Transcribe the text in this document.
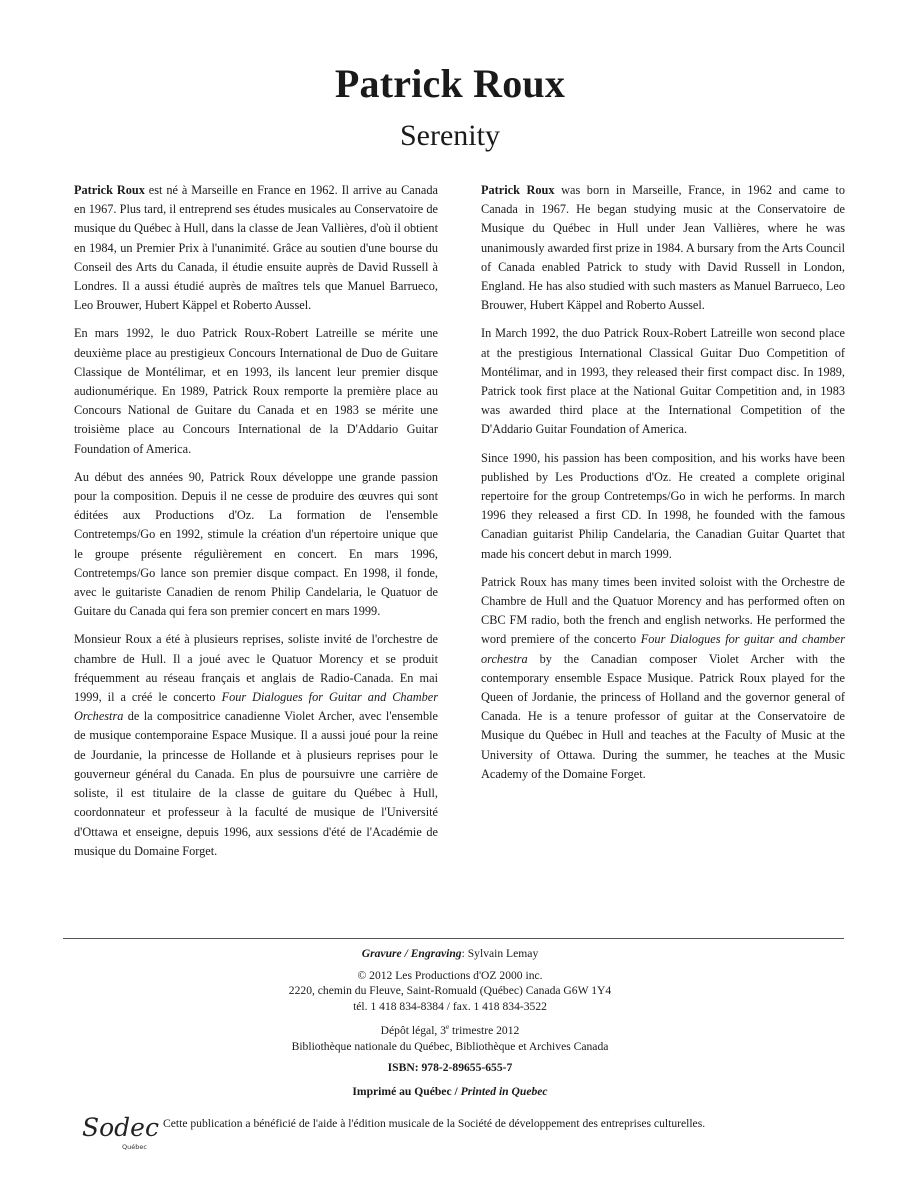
Patrick Roux
Serenity

Patrick Roux est né à Marseille en France en 1962. Il arrive au Canada en 1967. Plus tard, il entreprend ses études musicales au Conservatoire de musique du Québec à Hull, dans la classe de Jean Vallières, d'où il obtient en 1984, un Premier Prix à l'unanimité. Grâce au soutien d'une bourse du Conseil des Arts du Canada, il étudie ensuite auprès de David Russell à Londres. Il a aussi étudié auprès de maîtres tels que Manuel Barrueco, Leo Brouwer, Hubert Käppel et Roberto Aussel.

En mars 1992, le duo Patrick Roux-Robert Latreille se mérite une deuxième place au prestigieux Concours International de Duo de Guitare Classique de Montélimar, et en 1993, ils lancent leur premier disque audionumérique. En 1989, Patrick Roux remporte la première place au Concours National de Guitare du Canada et en 1983 se mérite une troisième place au Concours International de la D'Addario Guitar Foundation of America.

Au début des années 90, Patrick Roux développe une grande passion pour la composition. Depuis il ne cesse de produire des œuvres qui sont éditées aux Productions d'Oz. La formation de l'ensemble Contretemps/Go en 1992, stimule la création d'un répertoire unique que le groupe présente régulièrement en concert. En mars 1996, Contretemps/Go lance son premier disque compact. En 1998, il fonde, avec le guitariste Canadien de renom Philip Candelaria, le Quatuor de Guitare du Canada qui fera son premier concert en mars 1999.

Monsieur Roux a été à plusieurs reprises, soliste invité de l'orchestre de chambre de Hull. Il a joué avec le Quatuor Morency et se produit fréquemment au réseau français et anglais de Radio-Canada. En mai 1999, il a créé le concerto Four Dialogues for Guitar and Chamber Orchestra de la compositrice canadienne Violet Archer, avec l'ensemble de musique contemporaine Espace Musique. Il a aussi joué pour la reine de Jourdanie, la princesse de Hollande et à plusieurs reprises pour le gouverneur général du Canada. En plus de poursuivre une carrière de soliste, il est titulaire de la classe de guitare du Québec à Hull, coordonnateur et professeur à la faculté de musique de l'Université d'Ottawa et enseigne, depuis 1996, aux sessions d'été de l'Académie de musique du Domaine Forget.

Patrick Roux was born in Marseille, France, in 1962 and came to Canada in 1967. He began studying music at the Conservatoire de Musique du Québec in Hull under Jean Vallières, where he was unanimously awarded first prize in 1984. A bursary from the Arts Council of Canada enabled Patrick to study with David Russell in London, England. He has also studied with such masters as Manuel Barrueco, Leo Brouwer, Hubert Käppel and Roberto Aussel.

In March 1992, the duo Patrick Roux-Robert Latreille won second place at the prestigious International Classical Guitar Duo Competition of Montélimar, and in 1993, they released their first compact disc. In 1989, Patrick took first place at the National Guitar Competition and, in 1983 was awarded third place at the International Competition of the D'Addario Guitar Foundation of America.

Since 1990, his passion has been composition, and his works have been published by Les Productions d'Oz. He created a complete original repertoire for the group Contretemps/Go in wich he performs. In march 1996 they released a first CD. In 1998, he founded with the famous Canadian guitarist Philip Candelaria, the Canadian Guitar Quartet that made his concert debut in march 1999.

Patrick Roux has many times been invited soloist with the Orchestre de Chambre de Hull and the Quatuor Morency and has performed often on CBC FM radio, both the french and english networks. He performed the word premiere of the concerto Four Dialogues for guitar and chamber orchestra by the Canadian composer Violet Archer with the contemporary ensemble Espace Musique. Patrick Roux played for the Queen of Jordanie, the princess of Holland and the governor general of Canada. He is a tenure professor of guitar at the Conservatoire de Musique du Québec in Hull and teaches at the Faculty of Music at the University of Ottawa. During the summer, he teaches at the Music Academy of the Domaine Forget.

Gravure / Engraving: Sylvain Lemay
© 2012 Les Productions d'OZ 2000 inc.
2220, chemin du Fleuve, Saint-Romuald (Québec) Canada G6W 1Y4
tél. 1 418 834-8384 / fax. 1 418 834-3522
Dépôt légal, 3e trimestre 2012
Bibliothèque nationale du Québec, Bibliothèque et Archives Canada
ISBN: 978-2-89655-655-7
Imprimé au Québec / Printed in Quebec
Sodec
Québec
Cette publication a bénéficié de l'aide à l'édition musicale de la Société de développement des entreprises culturelles.
